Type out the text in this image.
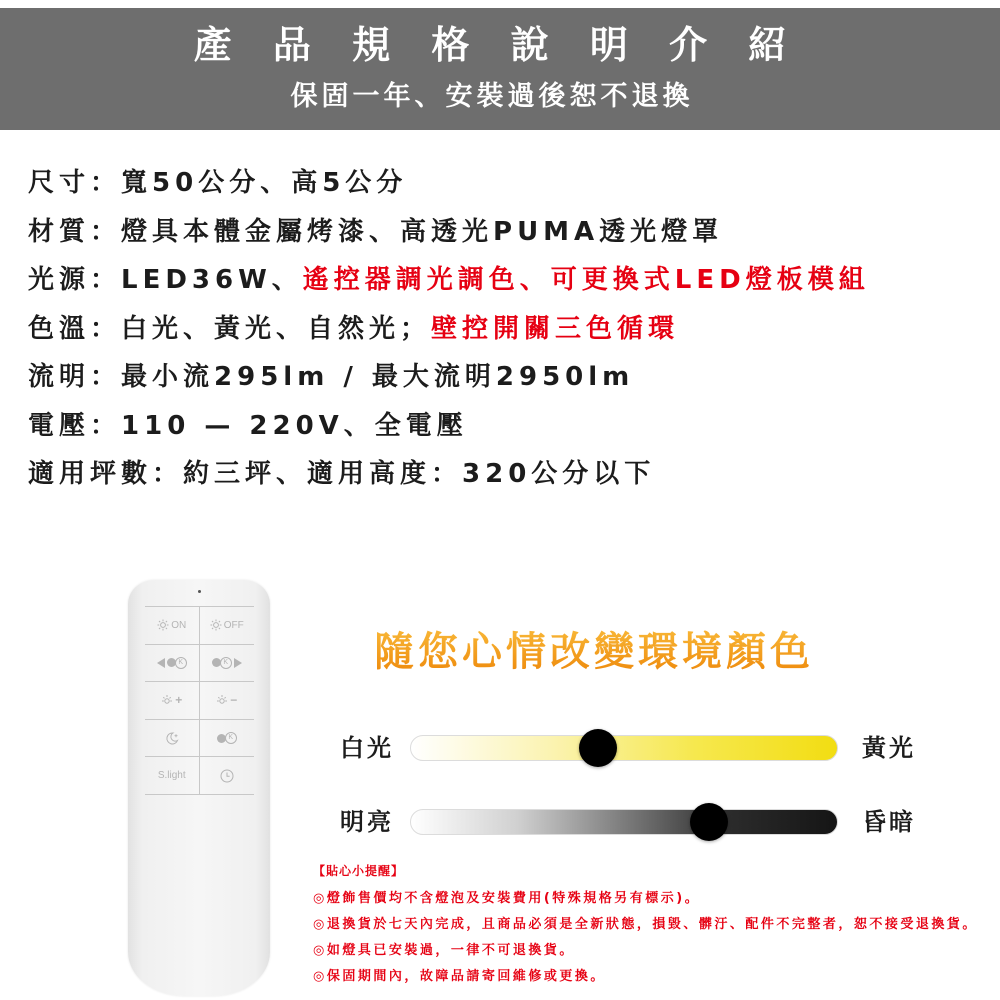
產 品 規 格 說 明 介 紹
保固一年、安裝過後恕不退換
尺寸：寬50公分、高5公分
材質：燈具本體金屬烤漆、高透光PUMA透光燈罩
光源：LED36W、遙控器調光調色、可更換式LED燈板模組
色溫：白光、黃光、自然光；壁控開關三色循環
流明：最小流295lm / 最大流明2950lm
電壓：110 — 220V、全電壓
適用坪數：約三坪、適用高度：320公分以下
ON	OFF
K	K
+	−
K
S.light
隨您心情改變環境顏色
白光	黃光
明亮	昏暗
【貼心小提醒】
◎燈飾售價均不含燈泡及安裝費用(特殊規格另有標示)。
◎退換貨於七天內完成，且商品必須是全新狀態，損毀、髒汙、配件不完整者，恕不接受退換貨。
◎如燈具已安裝過，一律不可退換貨。
◎保固期間內，故障品請寄回維修或更換。
